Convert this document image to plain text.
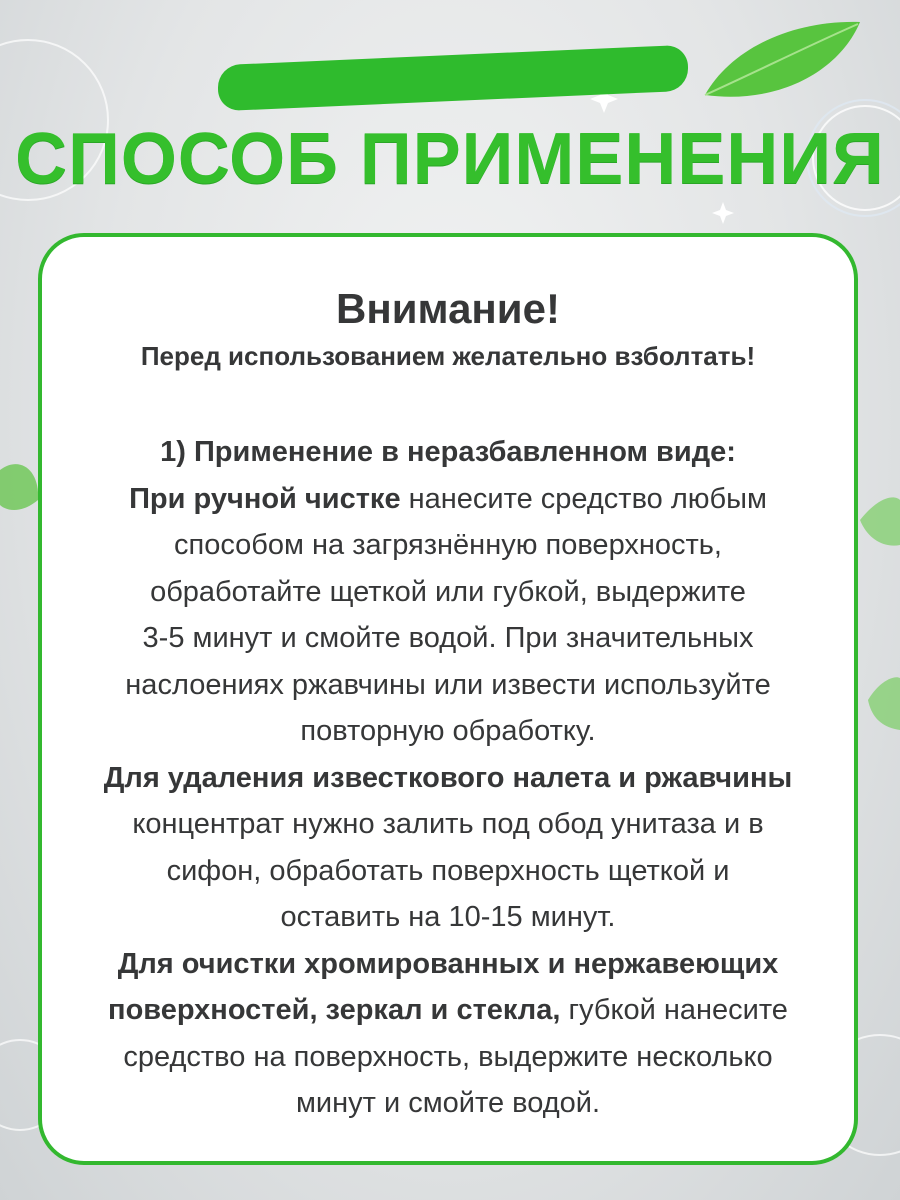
СПОСОБ ПРИМЕНЕНИЯ
Внимание!

Перед использованием желательно взболтать!

1) Применение в неразбавленном виде:
При ручной чистке нанесите средство любым
способом на загрязнённую поверхность,
обработайте щеткой или губкой, выдержите
3-5 минут и смойте водой. При значительных
наслоениях ржавчины или извести используйте
повторную обработку.
Для удаления известкового налета и ржавчины
концентрат нужно залить под обод унитаза и в
сифон, обработать поверхность щеткой и
оставить на 10-15 минут.
Для очистки хромированных и нержавеющих
поверхностей, зеркал и стекла, губкой нанесите
средство на поверхность, выдержите несколько
минут и смойте водой.
